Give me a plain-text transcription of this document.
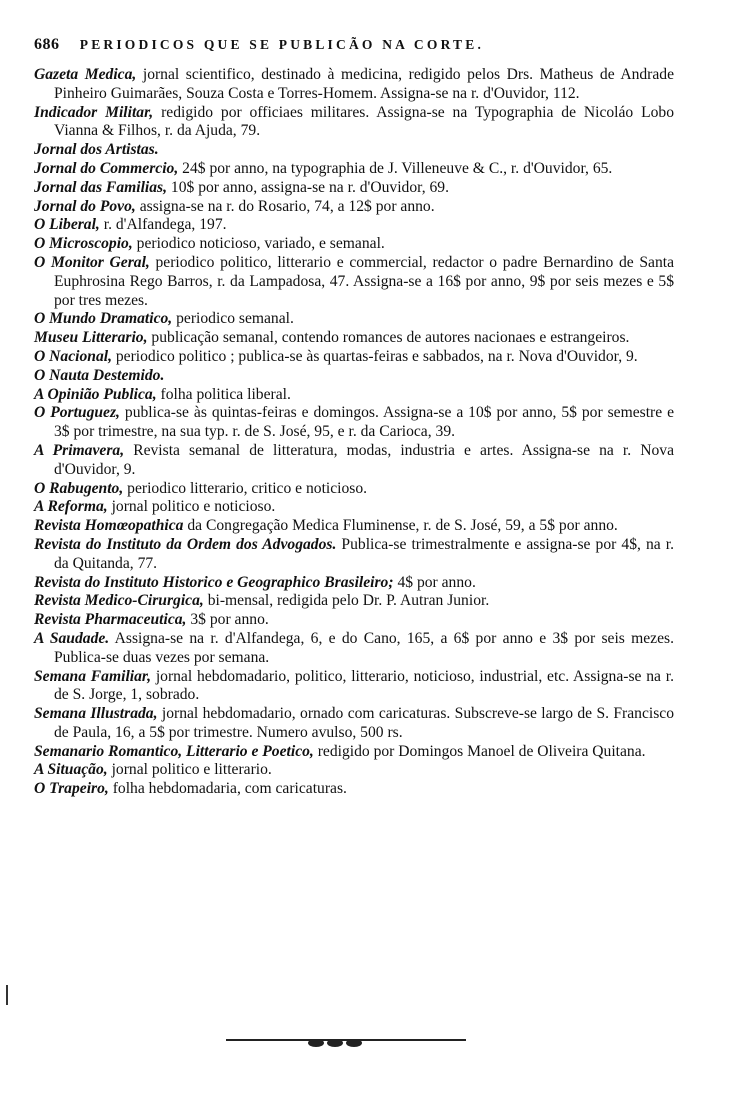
686 PERIODICOS QUE SE PUBLICÃO NA CORTE.

Gazeta Medica, jornal scientifico, destinado à medicina, redigido pelos Drs. Matheus de Andrade Pinheiro Guimarães, Souza Costa e Torres-Homem. Assigna-se na r. d'Ouvidor, 112.

Indicador Militar, redigido por officiaes militares. Assigna-se na Typographia de Nicoláo Lobo Vianna & Filhos, r. da Ajuda, 79.

Jornal dos Artistas.

Jornal do Commercio, 24$ por anno, na typographia de J. Villeneuve & C., r. d'Ouvidor, 65.

Jornal das Familias, 10$ por anno, assigna-se na r. d'Ouvidor, 69.

Jornal do Povo, assigna-se na r. do Rosario, 74, a 12$ por anno.

O Liberal, r. d'Alfandega, 197.

O Microscopio, periodico noticioso, variado, e semanal.

O Monitor Geral, periodico politico, litterario e commercial, redactor o padre Bernardino de Santa Euphrosina Rego Barros, r. da Lampadosa, 47. Assigna-se a 16$ por anno, 9$ por seis mezes e 5$ por tres mezes.

O Mundo Dramatico, periodico semanal.

Museu Litterario, publicação semanal, contendo romances de autores nacionaes e estrangeiros.

O Nacional, periodico politico ; publica-se às quartas-feiras e sabbados, na r. Nova d'Ouvidor, 9.

O Nauta Destemido.

A Opinião Publica, folha politica liberal.

O Portuguez, publica-se às quintas-feiras e domingos. Assigna-se a 10$ por anno, 5$ por semestre e 3$ por trimestre, na sua typ. r. de S. José, 95, e r. da Carioca, 39.

A Primavera, Revista semanal de litteratura, modas, industria e artes. Assigna-se na r. Nova d'Ouvidor, 9.

O Rabugento, periodico litterario, critico e noticioso.

A Reforma, jornal politico e noticioso.

Revista Homœopathica da Congregação Medica Fluminense, r. de S. José, 59, a 5$ por anno.

Revista do Instituto da Ordem dos Advogados. Publica-se trimestralmente e assigna-se por 4$, na r. da Quitanda, 77.

Revista do Instituto Historico e Geographico Brasileiro; 4$ por anno.

Revista Medico-Cirurgica, bi-mensal, redigida pelo Dr. P. Autran Junior.

Revista Pharmaceutica, 3$ por anno.

A Saudade. Assigna-se na r. d'Alfandega, 6, e do Cano, 165, a 6$ por anno e 3$ por seis mezes. Publica-se duas vezes por semana.

Semana Familiar, jornal hebdomadario, politico, litterario, noticioso, industrial, etc. Assigna-se na r. de S. Jorge, 1, sobrado.

Semana Illustrada, jornal hebdomadario, ornado com caricaturas. Subscreve-se largo de S. Francisco de Paula, 16, a 5$ por trimestre. Numero avulso, 500 rs.

Semanario Romantico, Litterario e Poetico, redigido por Domingos Manoel de Oliveira Quitana.

A Situação, jornal politico e litterario.

O Trapeiro, folha hebdomadaria, com caricaturas.
